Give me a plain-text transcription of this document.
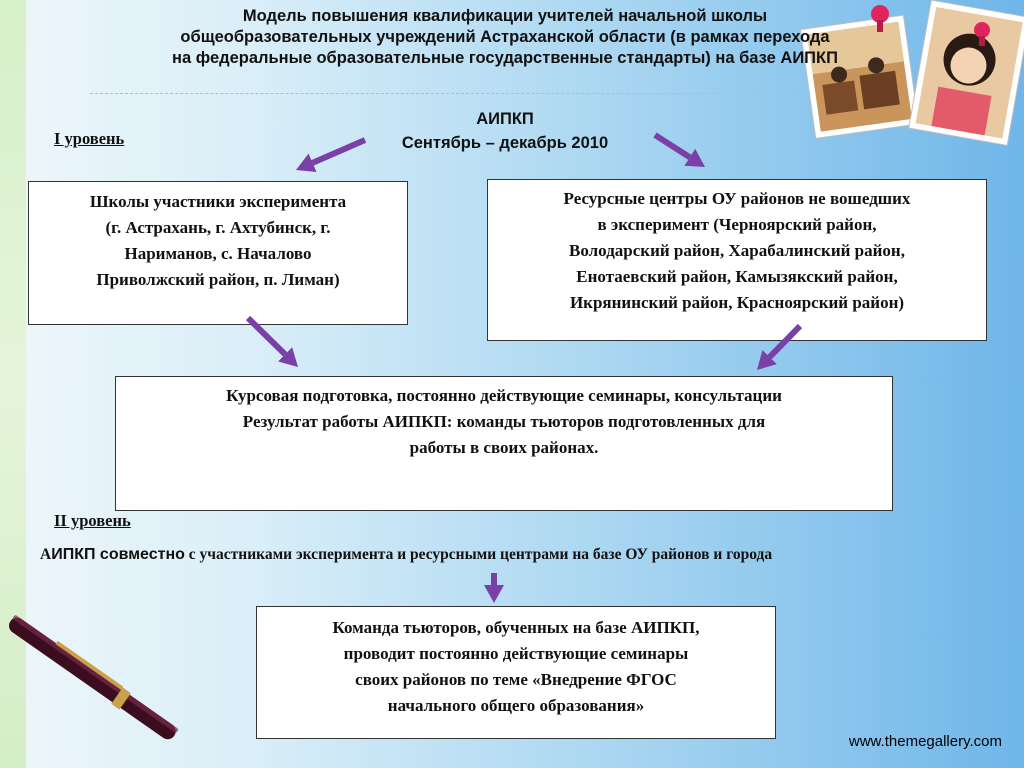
Модель повышения квалификации учителей начальной школы
общеобразовательных учреждений Астраханской области (в рамках перехода
на федеральные образовательные государственные стандарты) на базе АИПКП
АИПКП
Сентябрь – декабрь 2010
I уровень
II уровень
Школы участники эксперимента
(г. Астрахань, г. Ахтубинск, г.
Нариманов, с. Началово
Приволжский район, п. Лиман)
Ресурсные центры ОУ районов не вошедших
в эксперимент (Черноярский район,
Володарский район, Харабалинский район,
Енотаевский район, Камызякский район,
Икрянинский район, Красноярский район)
Курсовая подготовка, постоянно действующие семинары, консультации
Результат работы АИПКП: команды тьюторов подготовленных для
работы в своих районах.
АИПКП совместно с участниками эксперимента и ресурсными центрами на базе ОУ районов и города
Команда тьюторов, обученных на базе АИПКП,
проводит постоянно действующие семинары
своих районов по теме «Внедрение ФГОС
начального общего образования»
www.themegallery.com
